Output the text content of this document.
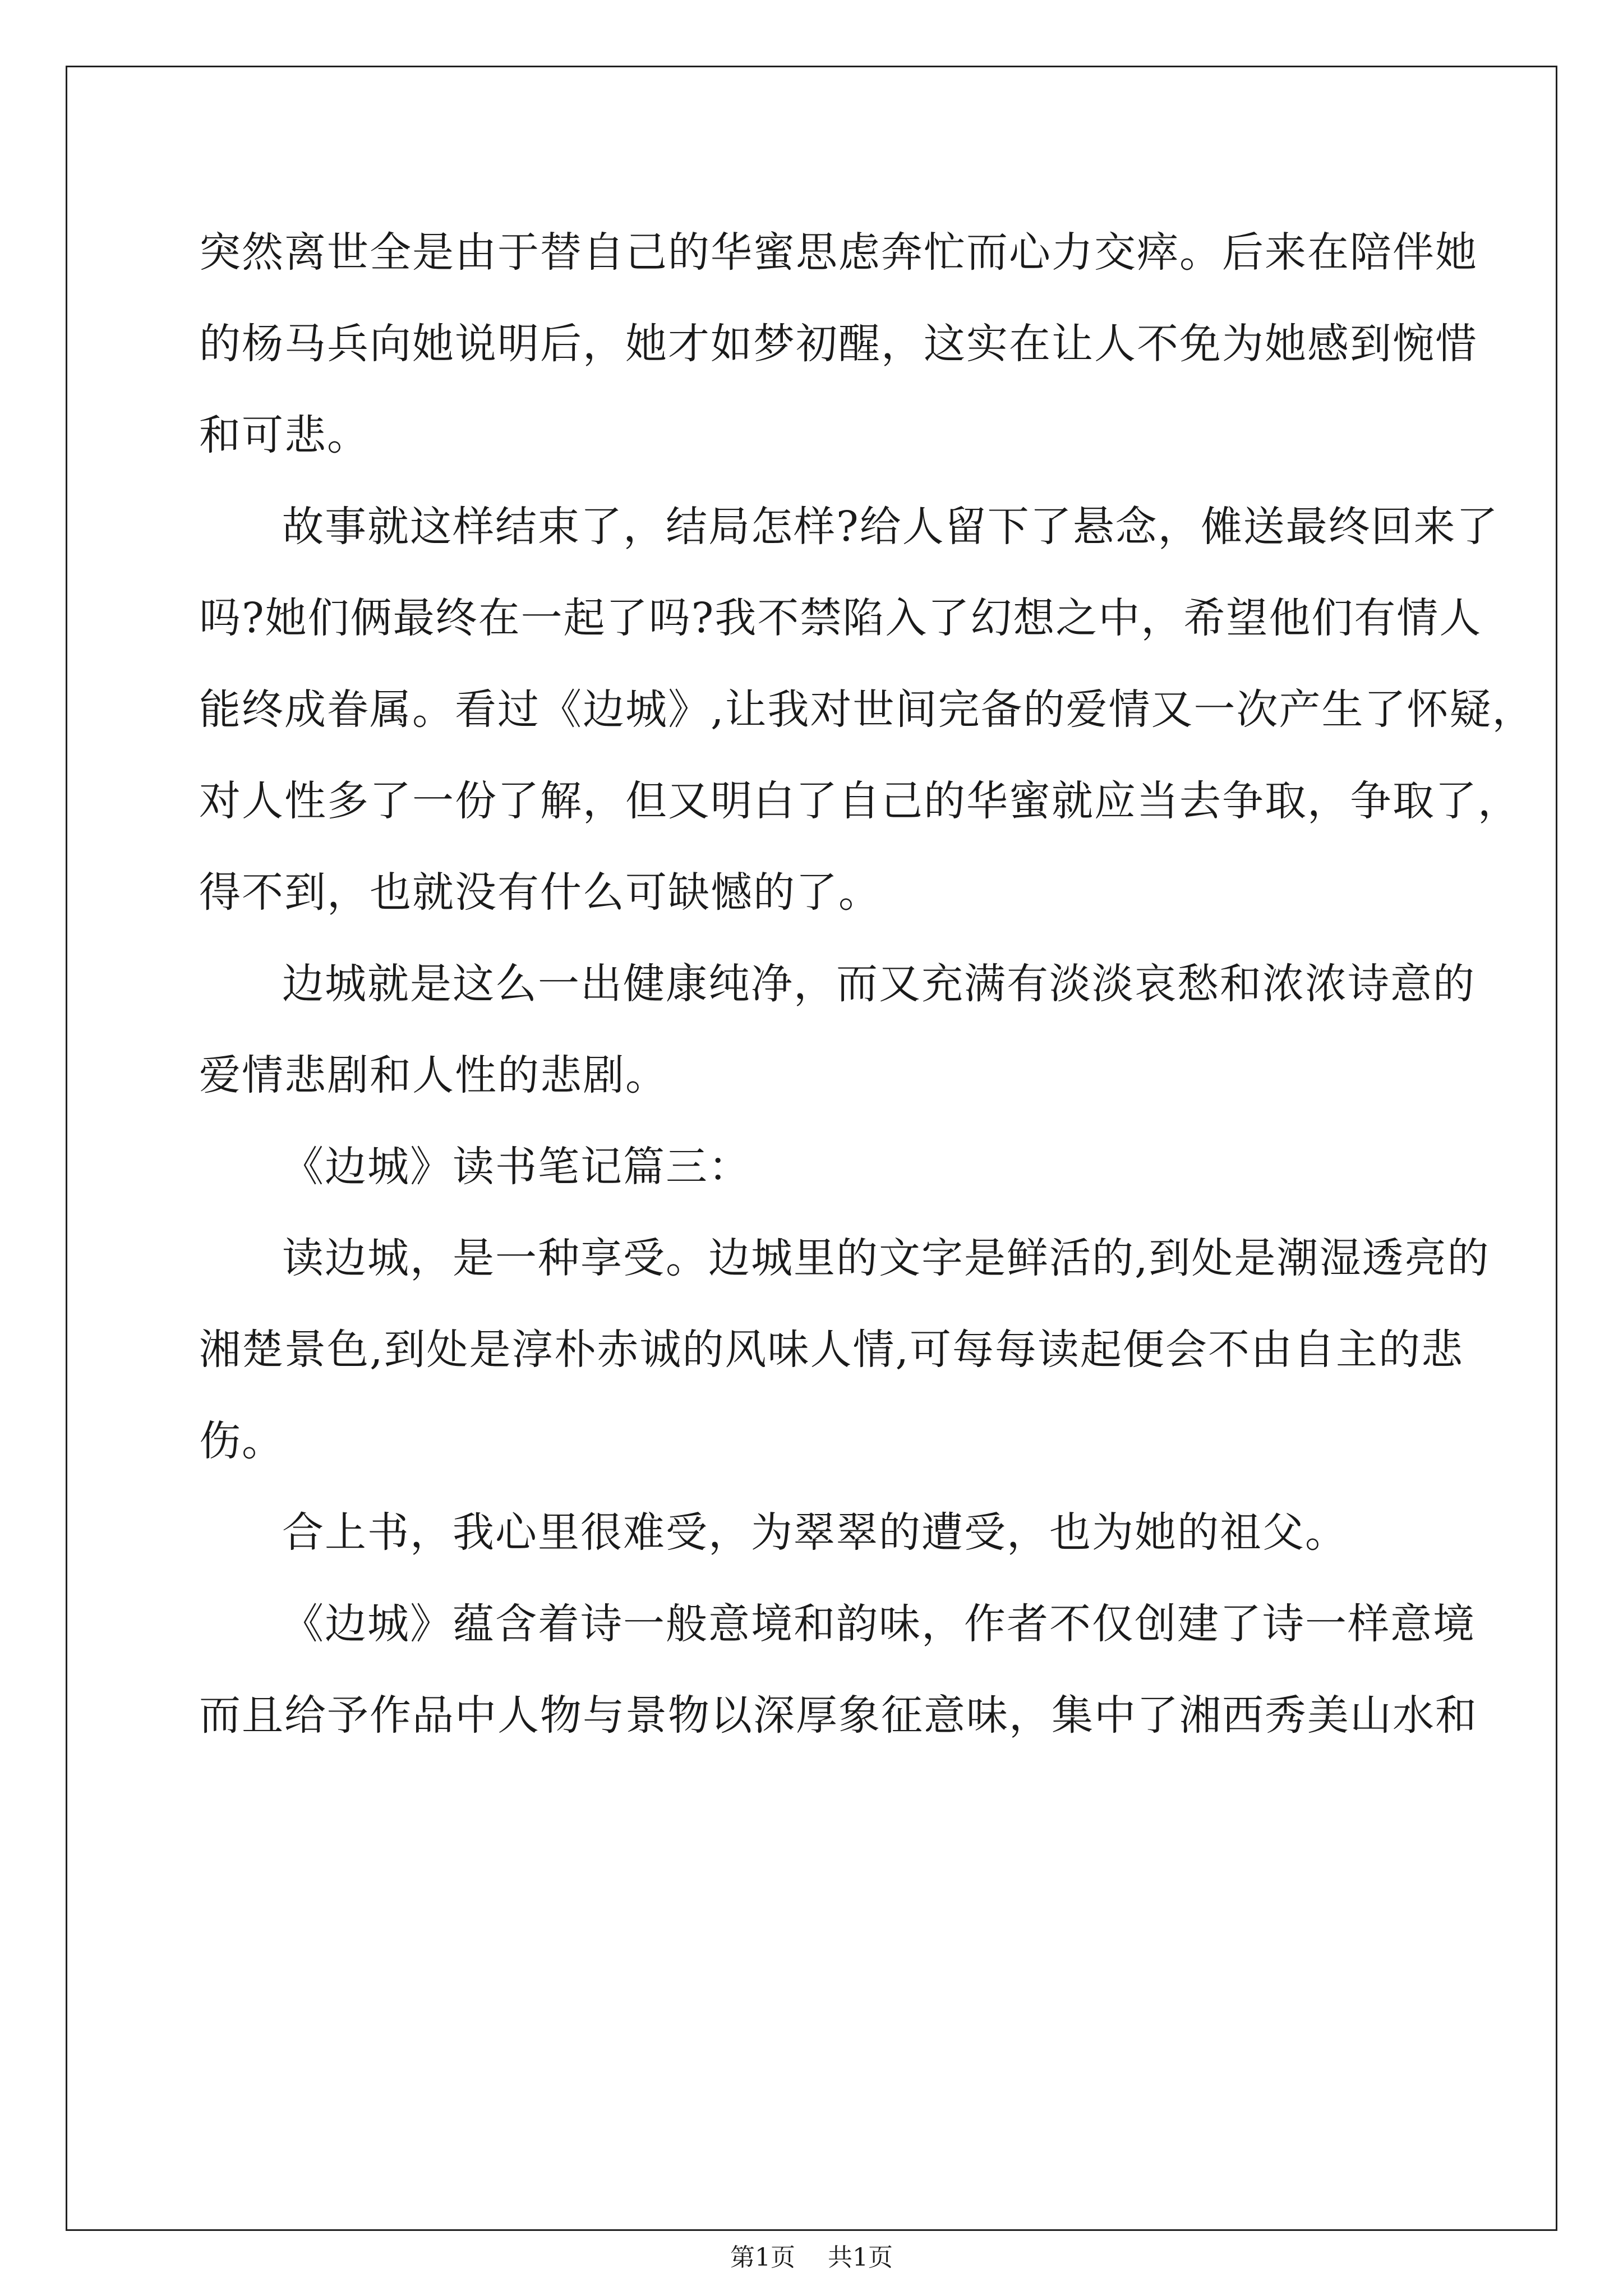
突然离世全是由于替自己的华蜜思虑奔忙而心力交瘁。后来在陪伴她
的杨马兵向她说明后，她才如梦初醒，这实在让人不免为她感到惋惜
和可悲。
故事就这样结束了，结局怎样?给人留下了悬念，傩送最终回来了
吗?她们俩最终在一起了吗?我不禁陷入了幻想之中，希望他们有情人
能终成眷属。看过《边城》,让我对世间完备的爱情又一次产生了怀疑，
对人性多了一份了解，但又明白了自己的华蜜就应当去争取，争取了，
得不到，也就没有什么可缺憾的了。
边城就是这么一出健康纯净，而又充满有淡淡哀愁和浓浓诗意的
爱情悲剧和人性的悲剧。
《边城》读书笔记篇三：
读边城，是一种享受。边城里的文字是鲜活的,到处是潮湿透亮的
湘楚景色,到处是淳朴赤诚的风味人情,可每每读起便会不由自主的悲
伤。
合上书，我心里很难受，为翠翠的遭受，也为她的祖父。
《边城》蕴含着诗一般意境和韵味，作者不仅创建了诗一样意境
而且给予作品中人物与景物以深厚象征意味，集中了湘西秀美山水和
第1页 共1页
